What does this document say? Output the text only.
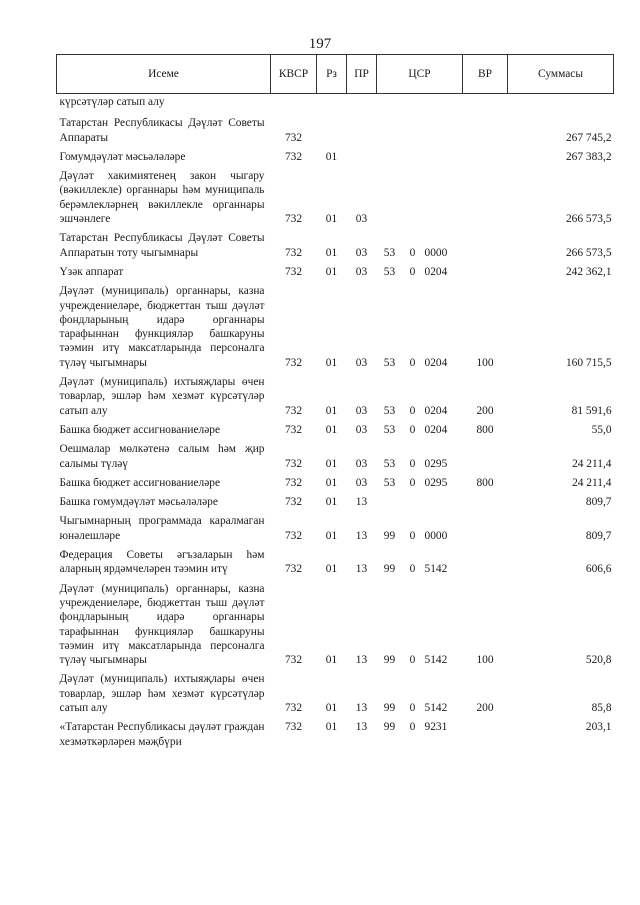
197
Исеме	КВСР	Рз	ПР	ЦСР			ВР	Суммасы
күрсәтүләр сатып алу								
Татарстан Республикасы Дәүләт Советы Аппараты	732							267 745,2
Гомумдәүләт мәсьәләләре	732	01						267 383,2
Дәүләт хакимиятенең закон чыгару (вәкиллекле) органнары һәм муниципаль берәмлекләрнең вәкиллекле органнары эшчәнлеге	732	01	03					266 573,5
Татарстан Республикасы Дәүләт Советы Аппаратын тоту чыгымнары	732	01	03	53	0	0000		266 573,5
Үзәк аппарат	732	01	03	53	0	0204		242 362,1
Дәүләт (муниципаль) органнары, казна учреждениеләре, бюджеттан тыш дәүләт фондларының идарә органнары тарафыннан функцияләр башкаруны тәэмин итү максатларында персоналга түләү чыгымнары	732	01	03	53	0	0204	100	160 715,5
Дәүләт (муниципаль) ихтыяҗлары өчен товарлар, эшләр һәм хезмәт күрсәтүләр сатып алу	732	01	03	53	0	0204	200	81 591,6
Башка бюджет ассигнованиеләре	732	01	03	53	0	0204	800	55,0
Оешмалар мөлкәтенә салым һәм җир салымы түләү	732	01	03	53	0	0295		24 211,4
Башка бюджет ассигнованиеләре	732	01	03	53	0	0295	800	24 211,4
Башка гомумдәүләт мәсьәләләре	732	01	13					809,7
Чыгымнарның программада каралмаган юнәлешләре	732	01	13	99	0	0000		809,7
Федерация Советы әгъзаларын һәм аларның ярдәмчеләрен тәэмин итү	732	01	13	99	0	5142		606,6
Дәүләт (муниципаль) органнары, казна учреждениеләре, бюджеттан тыш дәүләт фондларының идарә органнары тарафыннан функцияләр башкаруны тәэмин итү максатларында персоналга түләү чыгымнары	732	01	13	99	0	5142	100	520,8
Дәүләт (муниципаль) ихтыяҗлары өчен товарлар, эшләр һәм хезмәт күрсәтүләр сатып алу	732	01	13	99	0	5142	200	85,8
«Татарстан Республикасы дәүләт граждан хезмәткәрләрен мәҗбүри	732	01	13	99	0	9231		203,1
